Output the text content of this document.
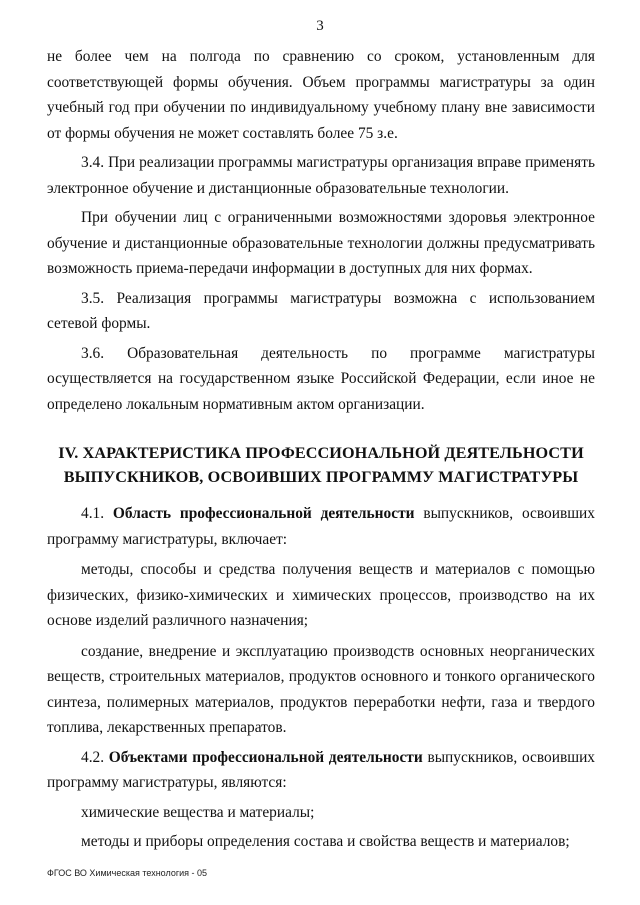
3

не более чем на полгода по сравнению со сроком, установленным для соответствующей формы обучения. Объем программы магистратуры за один учебный год при обучении по индивидуальному учебному плану вне зависимости от формы обучения не может составлять более 75 з.е.

3.4. При реализации программы магистратуры организация вправе применять электронное обучение и дистанционные образовательные технологии.

При обучении лиц с ограниченными возможностями здоровья электронное обучение и дистанционные образовательные технологии должны предусматривать возможность приема-передачи информации в доступных для них формах.

3.5. Реализация программы магистратуры возможна с использованием сетевой формы.

3.6. Образовательная деятельность по программе магистратуры осуществляется на государственном языке Российской Федерации, если иное не определено локальным нормативным актом организации.

IV. ХАРАКТЕРИСТИКА ПРОФЕССИОНАЛЬНОЙ ДЕЯТЕЛЬНОСТИ
ВЫПУСКНИКОВ, ОСВОИВШИХ ПРОГРАММУ МАГИСТРАТУРЫ

4.1. Область профессиональной деятельности выпускников, освоивших программу магистратуры, включает:

методы, способы и средства получения веществ и материалов с помощью физических, физико-химических и химических процессов, производство на их основе изделий различного назначения;

создание, внедрение и эксплуатацию производств основных неорганических веществ, строительных материалов, продуктов основного и тонкого органического синтеза, полимерных материалов, продуктов переработки нефти, газа и твердого топлива, лекарственных препаратов.

4.2. Объектами профессиональной деятельности выпускников, освоивших программу магистратуры, являются:

химические вещества и материалы;

методы и приборы определения состава и свойства веществ и материалов;

ФГОС ВО Химическая технология - 05
